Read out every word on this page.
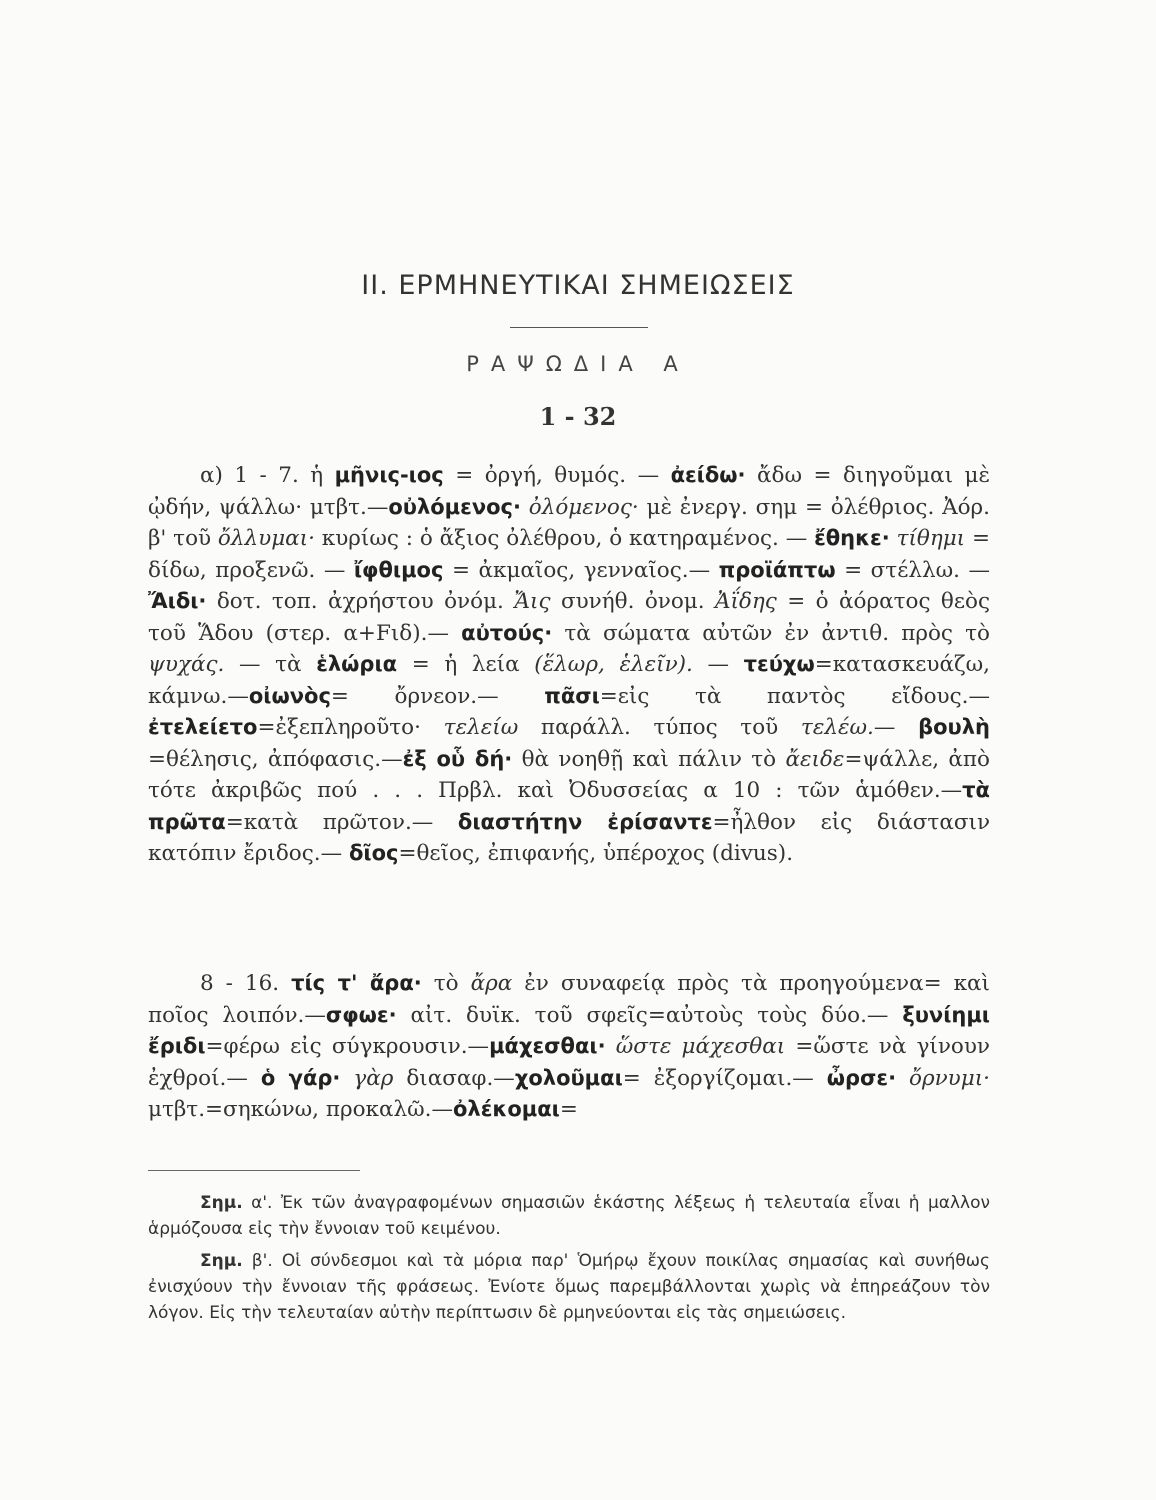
ΙΙ. ΕΡΜΗΝΕΥΤΙΚΑΙ ΣΗΜΕΙΩΣΕΙΣ
ΡΑΨΩΔΙΑ Α
1 - 32
α) 1 - 7. ἡ μῆνις-ιος = ὀργή, θυμός. — ἀείδω· ἄδω = διηγοῦμαι μὲ ᾠδήν, ψάλλω· μτβτ.—οὐλόμενος· ὀλόμενος· μὲ ἐνεργ. σημ = ὀλέθριος. Ἀόρ. β' τοῦ ὄλλυμαι· κυρίως : ὁ ἄξιος ὀλέθρου, ὁ κατηραμένος. — ἔθηκε· τίθημι = δίδω, προξενῶ. — ἴφθιμος = ἀκμαῖος, γενναῖος.— προϊάπτω = στέλλω. — Ἄιδι· δοτ. τοπ. ἀχρήστου ὀνόμ. Ἄις συνήθ. ὀνομ. Ἀΐδης = ὁ ἀόρατος θεὸς τοῦ Ἅδου (στερ. α+Fιδ).— αὐτούς· τὰ σώματα αὐτῶν ἐν ἀντιθ. πρὸς τὸ ψυχάς. — τὰ ἑλώρια = ἡ λεία (ἕλωρ, ἑλεῖν). — τεύχω=κατασκευάζω, κάμνω.—οἰωνὸς= ὄρνεον.— πᾶσι=εἰς τὰ παντὸς εἴδους.—ἐτελείετο=ἐξεπληροῦτο· τελείω παράλλ. τύπος τοῦ τελέω.— βουλὴ =θέλησις, ἀπόφασις.—ἐξ οὗ δή· θὰ νοηθῇ καὶ πάλιν τὸ ἄειδε=ψάλλε, ἀπὸ τότε ἀκριβῶς πού . . . Πρβλ. καὶ Ὀδυσσείας α 10 : τῶν ἁμόθεν.—τὰ πρῶτα=κατὰ πρῶτον.— διαστήτην ἐρίσαντε=ἦλθον εἰς διάστασιν κατόπιν ἔριδος.— δῖος=θεῖος, ἐπιφανής, ὑπέροχος (divus).
8 - 16. τίς τ' ἄρα· τὸ ἄρα ἐν συναφείᾳ πρὸς τὰ προηγούμενα= καὶ ποῖος λοιπόν.—σφωε· αἰτ. δυϊκ. τοῦ σφεῖς=αὐτοὺς τοὺς δύο.— ξυνίημι ἔριδι=φέρω εἰς σύγκρουσιν.—μάχεσθαι· ὥστε μάχεσθαι =ὥστε νὰ γίνουν ἐχθροί.— ὁ γάρ· γὰρ διασαφ.—χολοῦμαι= ἐξοργίζομαι.— ὦρσε· ὄρνυμι· μτβτ.=σηκώνω, προκαλῶ.—ὀλέκομαι=

Σημ. α'. Ἐκ τῶν ἀναγραφομένων σημασιῶν ἑκάστης λέξεως ἡ τελευταία εἶναι ἡ μαλλον ἁρμόζουσα εἰς τὴν ἔννοιαν τοῦ κειμένου.

Σημ. β'. Οἱ σύνδεσμοι καὶ τὰ μόρια παρ' Ὁμήρῳ ἔχουν ποικίλας σημασίας καὶ συνήθως ἐνισχύουν τὴν ἔννοιαν τῆς φράσεως. Ἐνίοτε ὅμως παρεμβάλλονται χωρὶς νὰ ἐπηρεάζουν τὸν λόγον. Εἰς τὴν τελευταίαν αὐτὴν περίπτωσιν δὲ ρμηνεύονται εἰς τὰς σημειώσεις.
